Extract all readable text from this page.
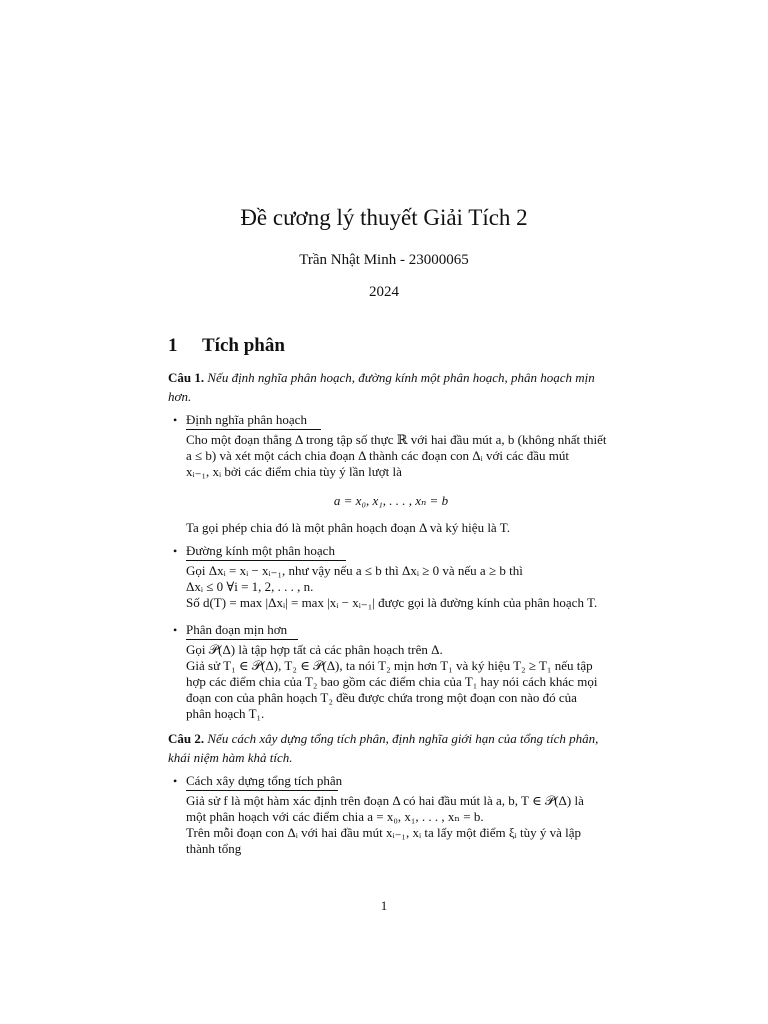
Đề cương lý thuyết Giải Tích 2
Trần Nhật Minh - 23000065
2024
1 Tích phân
Câu 1. Nếu định nghĩa phân hoạch, đường kính một phân hoạch, phân hoạch mịn
hơn.
• Định nghĩa phân hoạch
Cho một đoạn thẳng Δ trong tập số thực ℝ với hai đầu mút a, b (không nhất thiết
a ≤ b) và xét một cách chia đoạn Δ thành các đoạn con Δᵢ với các đầu mút
xᵢ₋₁, xᵢ bởi các điểm chia tùy ý lần lượt là
a = x₀, x₁, . . . , xₙ = b
Ta gọi phép chia đó là một phân hoạch đoạn Δ và ký hiệu là T.
• Đường kính một phân hoạch
Gọi Δxᵢ = xᵢ − xᵢ₋₁, như vậy nếu a ≤ b thì Δxᵢ ≥ 0 và nếu a ≥ b thì
Δxᵢ ≤ 0 ∀i = 1, 2, . . . , n.
Số d(T) = max |Δxᵢ| = max |xᵢ − xᵢ₋₁| được gọi là đường kính của phân hoạch T.
• Phân đoạn mịn hơn
Gọi 𝒫(Δ) là tập hợp tất cả các phân hoạch trên Δ.
Giả sử T₁ ∈ 𝒫(Δ), T₂ ∈ 𝒫(Δ), ta nói T₂ mịn hơn T₁ và ký hiệu T₂ ≥ T₁ nếu tập
hợp các điểm chia của T₂ bao gồm các điểm chia của T₁ hay nói cách khác mọi
đoạn con của phân hoạch T₂ đều được chứa trong một đoạn con nào đó của
phân hoạch T₁.
Câu 2. Nếu cách xây dựng tổng tích phân, định nghĩa giới hạn của tổng tích phân,
khái niệm hàm khả tích.
• Cách xây dựng tổng tích phân
Giả sử f là một hàm xác định trên đoạn Δ có hai đầu mút là a, b, T ∈ 𝒫(Δ) là
một phân hoạch với các điểm chia a = x₀, x₁, . . . , xₙ = b.
Trên mỗi đoạn con Δᵢ với hai đầu mút xᵢ₋₁, xᵢ ta lấy một điểm ξᵢ tùy ý và lập
thành tổng
1
